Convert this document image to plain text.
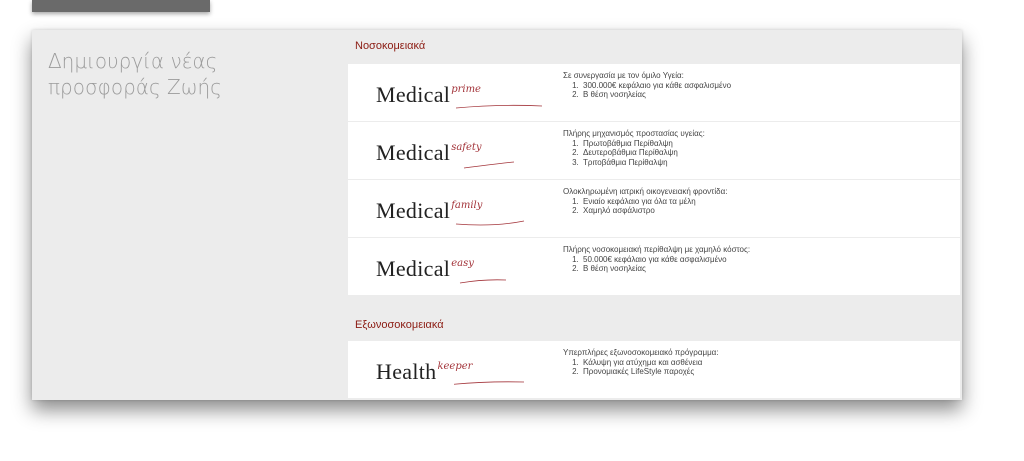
Δημιουργία νέας
προσφοράς Ζωής
Νοσοκομειακά
Medicalprime
Σε συνεργασία με τον όμιλο Υγεία:
1. 300.000€ κεφάλαιο για κάθε ασφαλισμένο
2. Β θέση νοσηλείας
Medicalsafety
Πλήρης μηχανισμός προστασίας υγείας:
1. Πρωτοβάθμια Περίθαλψη
2. Δευτεροβάθμια Περίθαλψη
3. Τριτοβάθμια Περίθαλψη
Medicalfamily
Ολοκληρωμένη ιατρική οικογενειακή φροντίδα:
1. Ενιαίο κεφάλαιο για όλα τα μέλη
2. Χαμηλό ασφάλιστρο
Medicaleasy
Πλήρης νοσοκομειακή περίθαλψη με χαμηλό κόστος:
1. 50.000€ κεφάλαιο για κάθε ασφαλισμένο
2. Β θέση νοσηλείας
Εξωνοσοκομειακά
Healthkeeper
Υπερπλήρες εξωνοσοκομειακό πρόγραμμα:
1. Κάλυψη για ατύχημα και ασθένεια
2. Προνομιακές LifeStyle παροχές
